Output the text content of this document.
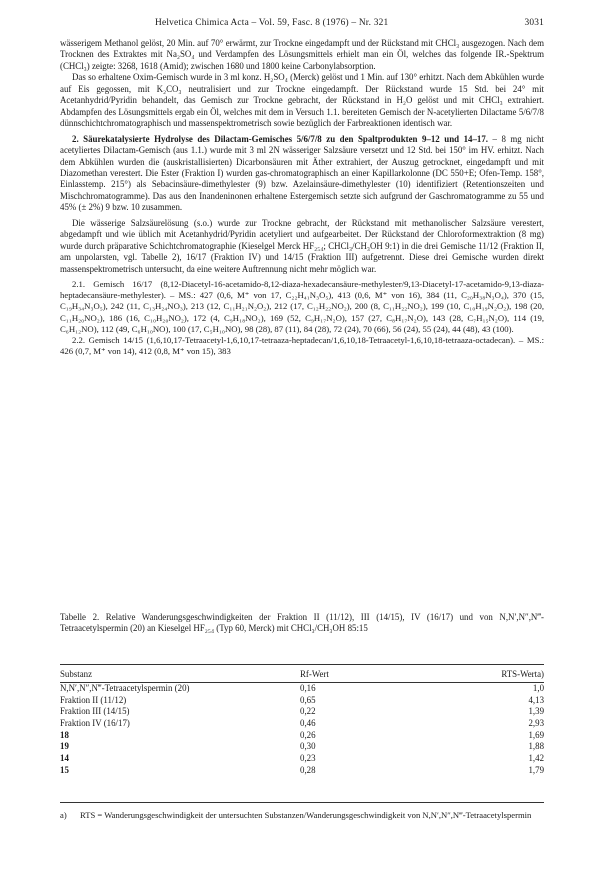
Helvetica Chimica Acta – Vol. 59, Fasc. 8 (1976) – Nr. 321	3031

wässerigem Methanol gelöst, 20 Min. auf 70° erwärmt, zur Trockne eingedampft und der Rückstand mit CHCl₃ ausgezogen. Nach dem Trocknen des Extraktes mit Na₂SO₄ und Verdampfen des Lösungsmittels erhielt man ein Öl, welches das folgende IR.-Spektrum (CHCl₃) zeigte: 3268, 1618 (Amid); zwischen 1680 und 1800 keine Carbonylabsorption.

Das so erhaltene Oxim-Gemisch wurde in 3 ml konz. H₂SO₄ (Merck) gelöst und 1 Min. auf 130° erhitzt. Nach dem Abkühlen wurde auf Eis gegossen, mit K₂CO₃ neutralisiert und zur Trockne eingedampft. Der Rückstand wurde 15 Std. bei 24° mit Acetanhydrid/Pyridin behandelt, das Gemisch zur Trockne gebracht, der Rückstand in H₂O gelöst und mit CHCl₃ extrahiert. Abdampfen des Lösungsmittels ergab ein Öl, welches mit dem in Versuch 1.1. bereiteten Gemisch der N-acetylierten Dilactame 5/6/7/8 dünnschichtchromatographisch und massenspektrometrisch sowie bezüglich der Farbreaktionen identisch war.

2. Säurekatalysierte Hydrolyse des Dilactam-Gemisches 5/6/7/8 zu den Spaltprodukten 9–12 und 14–17. – 8 mg nicht acetyliertes Dilactam-Gemisch (aus 1.1.) wurde mit 3 ml 2N wässeriger Salzsäure versetzt und 12 Std. bei 150° im HV. erhitzt. Nach dem Abkühlen wurden die (auskristallisierten) Dicarbonsäuren mit Äther extrahiert, der Auszug getrocknet, eingedampft und mit Diazomethan verestert. Die Ester (Fraktion I) wurden gas-chromatographisch an einer Kapillarkolonne (DC 550+E; Ofen-Temp. 158°, Einlasstemp. 215°) als Sebacinsäure-dimethylester (9) bzw. Azelainsäure-dimethylester (10) identifiziert (Retentionszeiten und Mischchromatogramme). Das aus den Inandeninonen erhaltene Estergemisch setzte sich aufgrund der Gaschromatogramme zu 55 und 45% (± 2%) 9 bzw. 10 zusammen.

Die wässerige Salzsäurelösung (s.o.) wurde zur Trockne gebracht, der Rückstand mit methanolischer Salzsäure verestert, abgedampft und wie üblich mit Acetanhydrid/Pyridin acetyliert und aufgearbeitet. Der Rückstand der Chloroformextraktion (8 mg) wurde durch präparative Schichtchromatographie (Kieselgel Merck HF₂₅₄; CHCl₃/CH₃OH 9:1) in die drei Gemische 11/12 (Fraktion II, am unpolarsten, vgl. Tabelle 2), 16/17 (Fraktion IV) und 14/15 (Fraktion III) aufgetrennt. Diese drei Gemische wurden direkt massenspektrometrisch untersucht, da eine weitere Auftrennung nicht mehr möglich war.

2.1. Gemisch 16/17 (8,12-Diacetyl-16-acetamido-8,12-diaza-hexadecansäure-methylester/9,13-Diacetyl-17-acetamido-9,13-diaza-heptadecansäure-methylester). – MS.: 427 (0,6, M⁺ von 17, C₂₂H₄₁N₃O₅), 413 (0,6, M⁺ von 16), 384 (11, C₂₀H₃₈N₃O₄), 370 (15, C₁₉H₃₄N₃O₅), 242 (11, C₁₃H₂₄NO₃), 213 (12, C₁₁H₂₁N₂O₂), 212 (17, C₁₂H₂₂NO₂), 200 (8, C₁₁H₂₂NO₂), 199 (10, C₁₀H₁₉N₂O₂), 198 (20, C₁₁H₂₀NO₂), 186 (16, C₁₀H₂₀NO₂), 172 (4, C₉H₁₈NO₂), 169 (52, C₉H₁₇N₂O), 157 (27, C₈H₁₇N₂O), 143 (28, C₇H₁₅N₂O), 114 (19, C₆H₁₂NO), 112 (49, C₆H₁₀NO), 100 (17, C₅H₁₀NO), 98 (28), 87 (11), 84 (28), 72 (24), 70 (66), 56 (24), 55 (24), 44 (48), 43 (100).

2.2. Gemisch 14/15 (1,6,10,17-Tetraacetyl-1,6,10,17-tetraaza-heptadecan/1,6,10,18-Tetraacetyl-1,6,10,18-tetraaza-octadecan). – MS.: 426 (0,7, M⁺ von 14), 412 (0,8, M⁺ von 15), 383

Tabelle 2. Relative Wanderungsgeschwindigkeiten der Fraktion II (11/12), III (14/15), IV (16/17) und von N,N′,N″,N‴-Tetraacetylspermin (20) an Kieselgel HF₂₅₄ (Typ 60, Merck) mit CHCl₃/CH₃OH 85:15
Substanz	Rf-Wert	RTS-Werta)
N,N′,N″,N‴-Tetraacetylspermin (20)	0,16	1,0
Fraktion II (11/12)	0,65	4,13
Fraktion III (14/15)	0,22	1,39
Fraktion IV (16/17)	0,46	2,93
18	0,26	1,69
19	0,30	1,88
14	0,23	1,42
15	0,28	1,79
a) RTS = Wanderungsgeschwindigkeit der untersuchten Substanzen/Wanderungsgeschwindigkeit von N,N′,N″,N‴-Tetraacetylspermin
